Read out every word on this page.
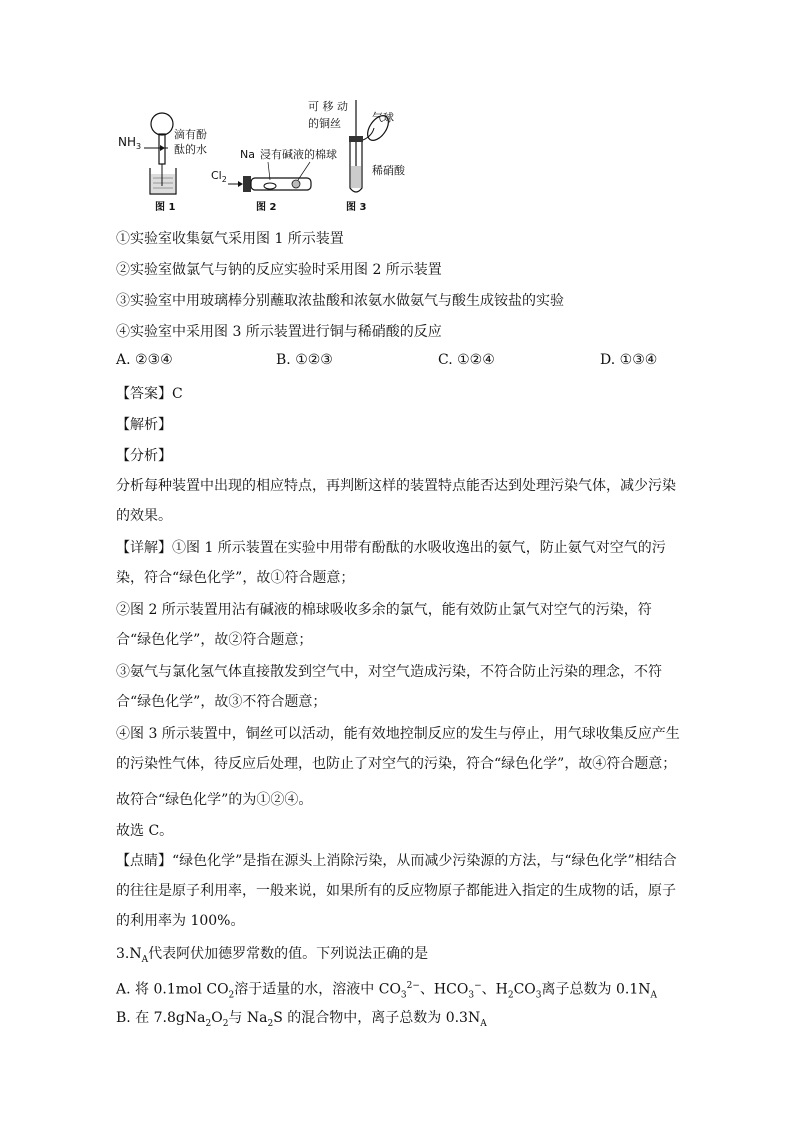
$NH_3$
滴有酚
酞的水
图 1
Na 浸有碱液的棉球
$Cl_2$
图 2
可 移 动
的铜丝	气球
稀硝酸
图 3
①实验室收集氨气采用图 1 所示装置
②实验室做氯气与钠的反应实验时采用图 2 所示装置
③实验室中用玻璃棒分别蘸取浓盐酸和浓氨水做氨气与酸生成铵盐的实验
④实验室中采用图 3 所示装置进行铜与稀硝酸的反应
A. ②③④	B. ①②③	C. ①②④	D. ①③④
【答案】C
【解析】
【分析】
分析每种装置中出现的相应特点，再判断这样的装置特点能否达到处理污染气体，减少污染的效果。
【详解】①图 1 所示装置在实验中用带有酚酞的水吸收逸出的氨气，防止氨气对空气的污染，符合“绿色化学”，故①符合题意；
②图 2 所示装置用沾有碱液的棉球吸收多余的氯气，能有效防止氯气对空气的污染，符合“绿色化学”，故②符合题意；
③氨气与氯化氢气体直接散发到空气中，对空气造成污染，不符合防止污染的理念，不符合“绿色化学”，故③不符合题意；
④图 3 所示装置中，铜丝可以活动，能有效地控制反应的发生与停止，用气球收集反应产生的污染性气体，待反应后处理，也防止了对空气的污染，符合“绿色化学”，故④符合题意；
故符合“绿色化学”的为①②④。
故选 C。
【点睛】“绿色化学”是指在源头上消除污染，从而减少污染源的方法，与“绿色化学”相结合的往往是原子利用率，一般来说，如果所有的反应物原子都能进入指定的生成物的话，原子的利用率为 100%。
$3.N_A$代表阿伏加德罗常数的值。下列说法正确的是
A. 将 0.1mol $CO_2$溶于适量的水，溶液中 $CO_3^{2-}$、$HCO_3^-$、$H_2CO_3$离子总数为 $0.1N_A$
B. 在 $7.8gNa_2O_2$与 $Na_2S$ 的混合物中，离子总数为 $0.3N_A$
